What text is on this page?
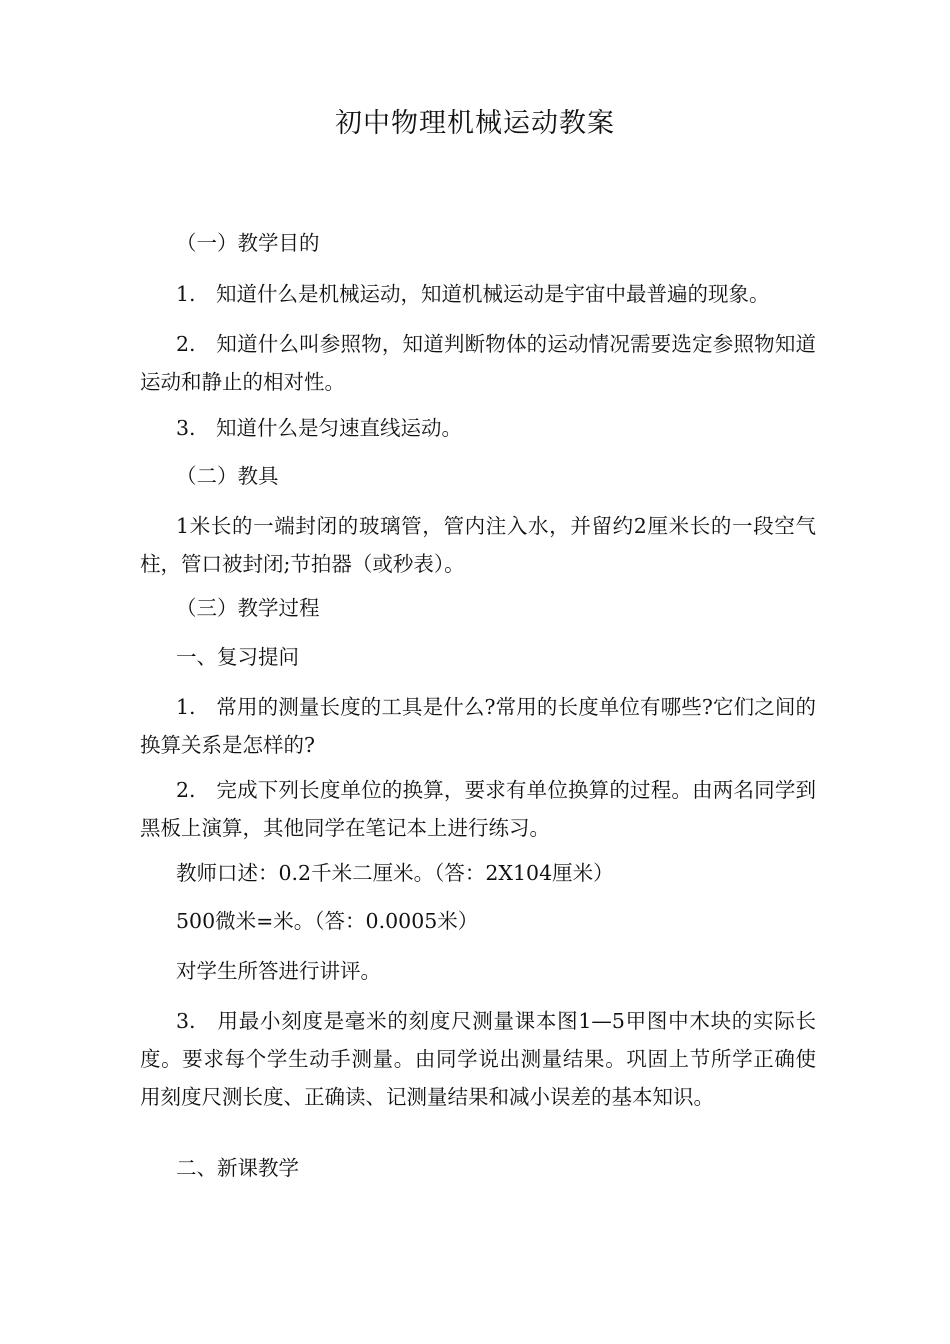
初中物理机械运动教案

（一）教学目的

1.　知道什么是机械运动，知道机械运动是宇宙中最普遍的现象。

2.　知道什么叫参照物，知道判断物体的运动情况需要选定参照物知道运动和静止的相对性。

3.　知道什么是匀速直线运动。

（二）教具

1米长的一端封闭的玻璃管，管内注入水，并留约2厘米长的一段空气柱，管口被封闭;节拍器（或秒表）。

（三）教学过程

一、复习提问

1.　常用的测量长度的工具是什么?常用的长度单位有哪些?它们之间的换算关系是怎样的?

2.　完成下列长度单位的换算，要求有单位换算的过程。由两名同学到黑板上演算，其他同学在笔记本上进行练习。

教师口述：0.2千米二厘米。（答：2X104厘米）

500微米=米。（答：0.0005米）

对学生所答进行讲评。

3.　用最小刻度是毫米的刻度尺测量课本图1—5甲图中木块的实际长度。要求每个学生动手测量。由同学说出测量结果。巩固上节所学正确使用刻度尺测长度、正确读、记测量结果和减小误差的基本知识。

二、新课教学
